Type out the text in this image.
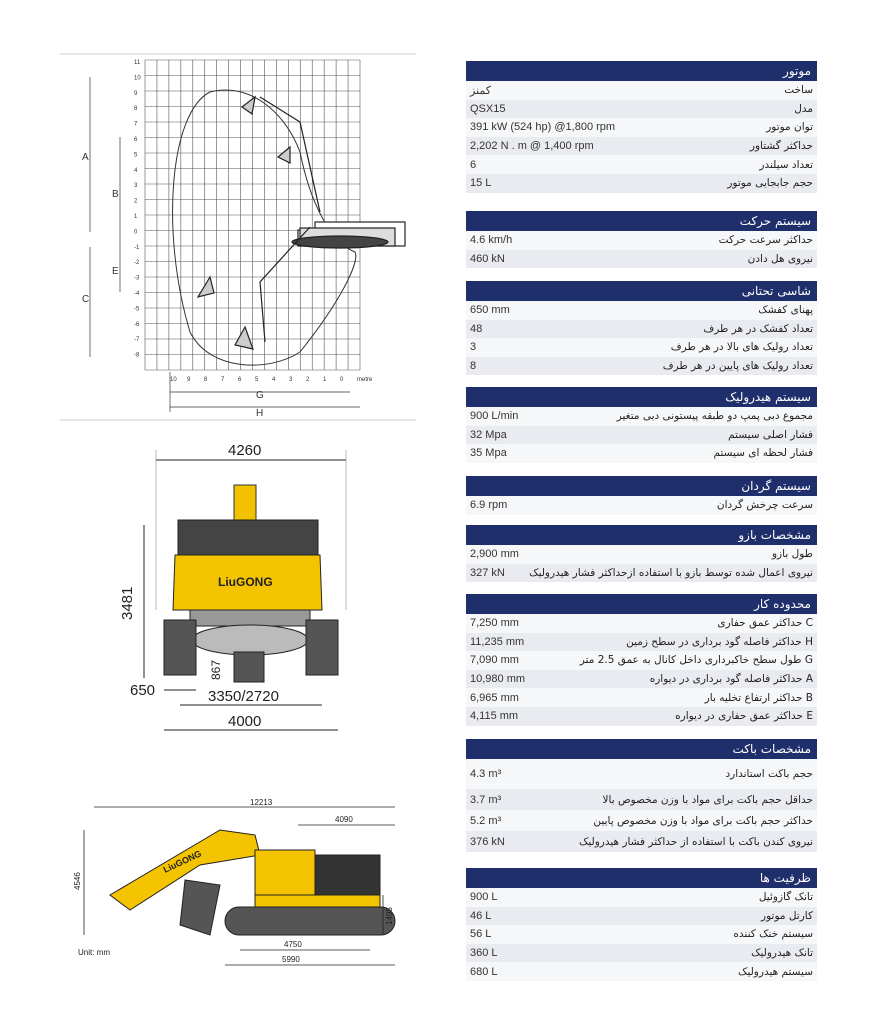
A
B
C
E
G
H
10 9 8 7 6 5 4 3 2 1 0 metre
11
10
9
8
7
6
5
4
3
2
1
0
-1
-2
-3
-4
-5
-6
-7
-8
4260
LiuGONG
3481
867
650	3350/2720
4000
12213
4090
4546
LiuGONG
1495
4750
5990
Unit: mm
موتور
کمنز	ساخت
QSX15	مدل
391 kW (524 hp) @1,800 rpm	توان موتور
2,202 N . m @ 1,400 rpm	حداکثر گشتاور
6	تعداد سیلندر
15 L	حجم جابجایی موتور
سیستم حرکت
4.6 km/h	حداکثر سرعت حرکت
460 kN	نیروی هل دادن
شاسی تحتانی
650 mm	پهنای کفشک
48	تعداد کفشک در هر طرف
3	تعداد رولیک های بالا در هر طرف
8	تعداد رولیک های پایین در هر طرف
سیستم هیدرولیک
900 L/min	مجموع دبی پمپ دو طبقه پیستونی دبی متغیر
32 Mpa	فشار اصلی سیستم
35 Mpa	فشار لحظه ای سیستم
سیستم گردان
6.9 rpm	سرعت چرخش گردان
مشخصات بازو
2,900 mm	طول بازو
327 kN نیروی اعمال شده توسط بازو با استفاده ازحداکثر فشار هیدرولیک
محدوده کار
7,250 mm	C حداکثر عمق حفاری
11,235 mm	H حداکثر فاصله گود برداری در سطح زمین
7,090 mm	G طول سطح خاکبرداری داخل کانال به عمق 2.5 متر
10,980 mm	A حداکثر فاصله گود برداری در دیواره
6,965 mm	B حداکثر ارتفاع تخلیه بار
4,115 mm	E حداکثر عمق حفاری در دیواره
مشخصات باکت
4.3 m³	حجم باکت استاندارد
3.7 m³	حداقل حجم باکت برای مواد با وزن مخصوص بالا
5.2 m³	حداکثر حجم باکت برای مواد با وزن مخصوص پایین
376 kN	نیروی کندن باکت با استفاده از حداکثر فشار هیدرولیک
ظرفیت ها
900 L	تانک گازوئیل
46 L	کارتل موتور
56 L	سیستم خنک کننده
360 L	تانک هیدرولیک
680 L	سیستم هیدرولیک
